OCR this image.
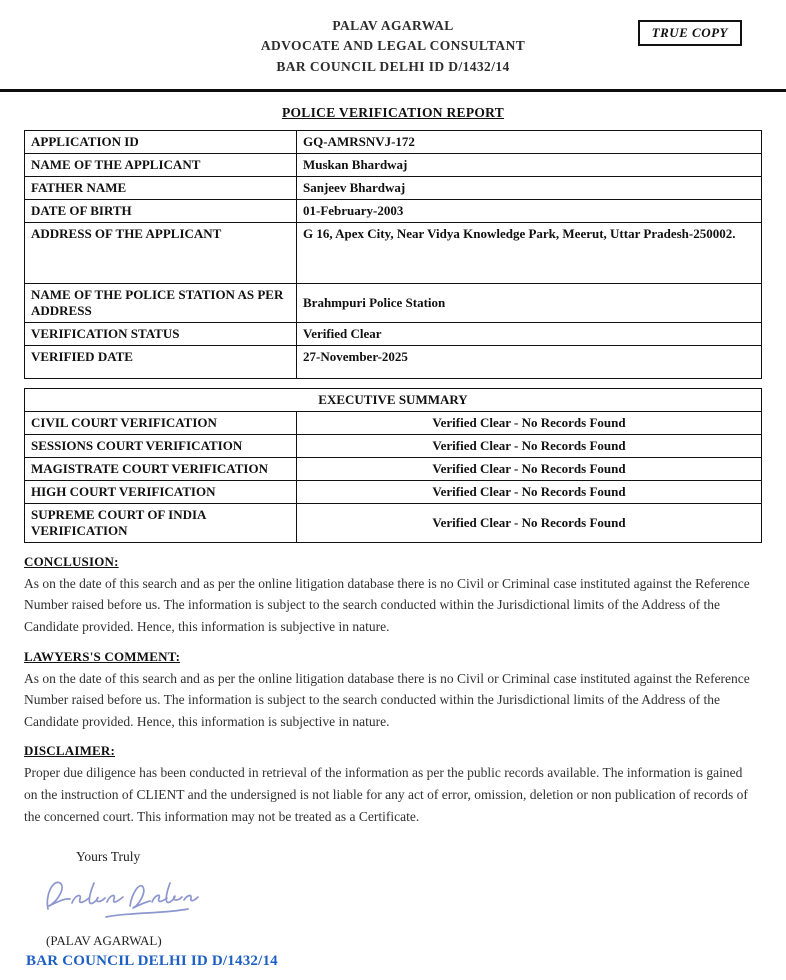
PALAV AGARWAL
ADVOCATE AND LEGAL CONSULTANT
BAR COUNCIL DELHI ID D/1432/14
TRUE COPY
POLICE VERIFICATION REPORT
APPLICATION ID	GQ-AMRSNVJ-172
NAME OF THE APPLICANT	Muskan Bhardwaj
FATHER NAME	Sanjeev Bhardwaj
DATE OF BIRTH	01-February-2003
ADDRESS OF THE APPLICANT	G 16, Apex City, Near Vidya Knowledge Park, Meerut, Uttar Pradesh-250002.
NAME OF THE POLICE STATION AS PER ADDRESS	Brahmpuri Police Station
VERIFICATION STATUS	Verified Clear
VERIFIED DATE	27-November-2025
EXECUTIVE SUMMARY	
CIVIL COURT VERIFICATION	Verified Clear - No Records Found
SESSIONS COURT VERIFICATION	Verified Clear - No Records Found
MAGISTRATE COURT VERIFICATION	Verified Clear - No Records Found
HIGH COURT VERIFICATION	Verified Clear - No Records Found
SUPREME COURT OF INDIA VERIFICATION	Verified Clear - No Records Found
CONCLUSION:

As on the date of this search and as per the online litigation database there is no Civil or Criminal case instituted against the Reference Number raised before us. The information is subject to the search conducted within the Jurisdictional limits of the Address of the Candidate provided. Hence, this information is subjective in nature.

LAWYERS'S COMMENT:

As on the date of this search and as per the online litigation database there is no Civil or Criminal case instituted against the Reference Number raised before us. The information is subject to the search conducted within the Jurisdictional limits of the Address of the Candidate provided. Hence, this information is subjective in nature.

DISCLAIMER:

Proper due diligence has been conducted in retrieval of the information as per the public records available. The information is gained on the instruction of CLIENT and the undersigned is not liable for any act of error, omission, deletion or non publication of records of the concerned court. This information may not be treated as a Certificate.

Yours Truly
(PALAV AGARWAL)
BAR COUNCIL DELHI ID D/1432/14
